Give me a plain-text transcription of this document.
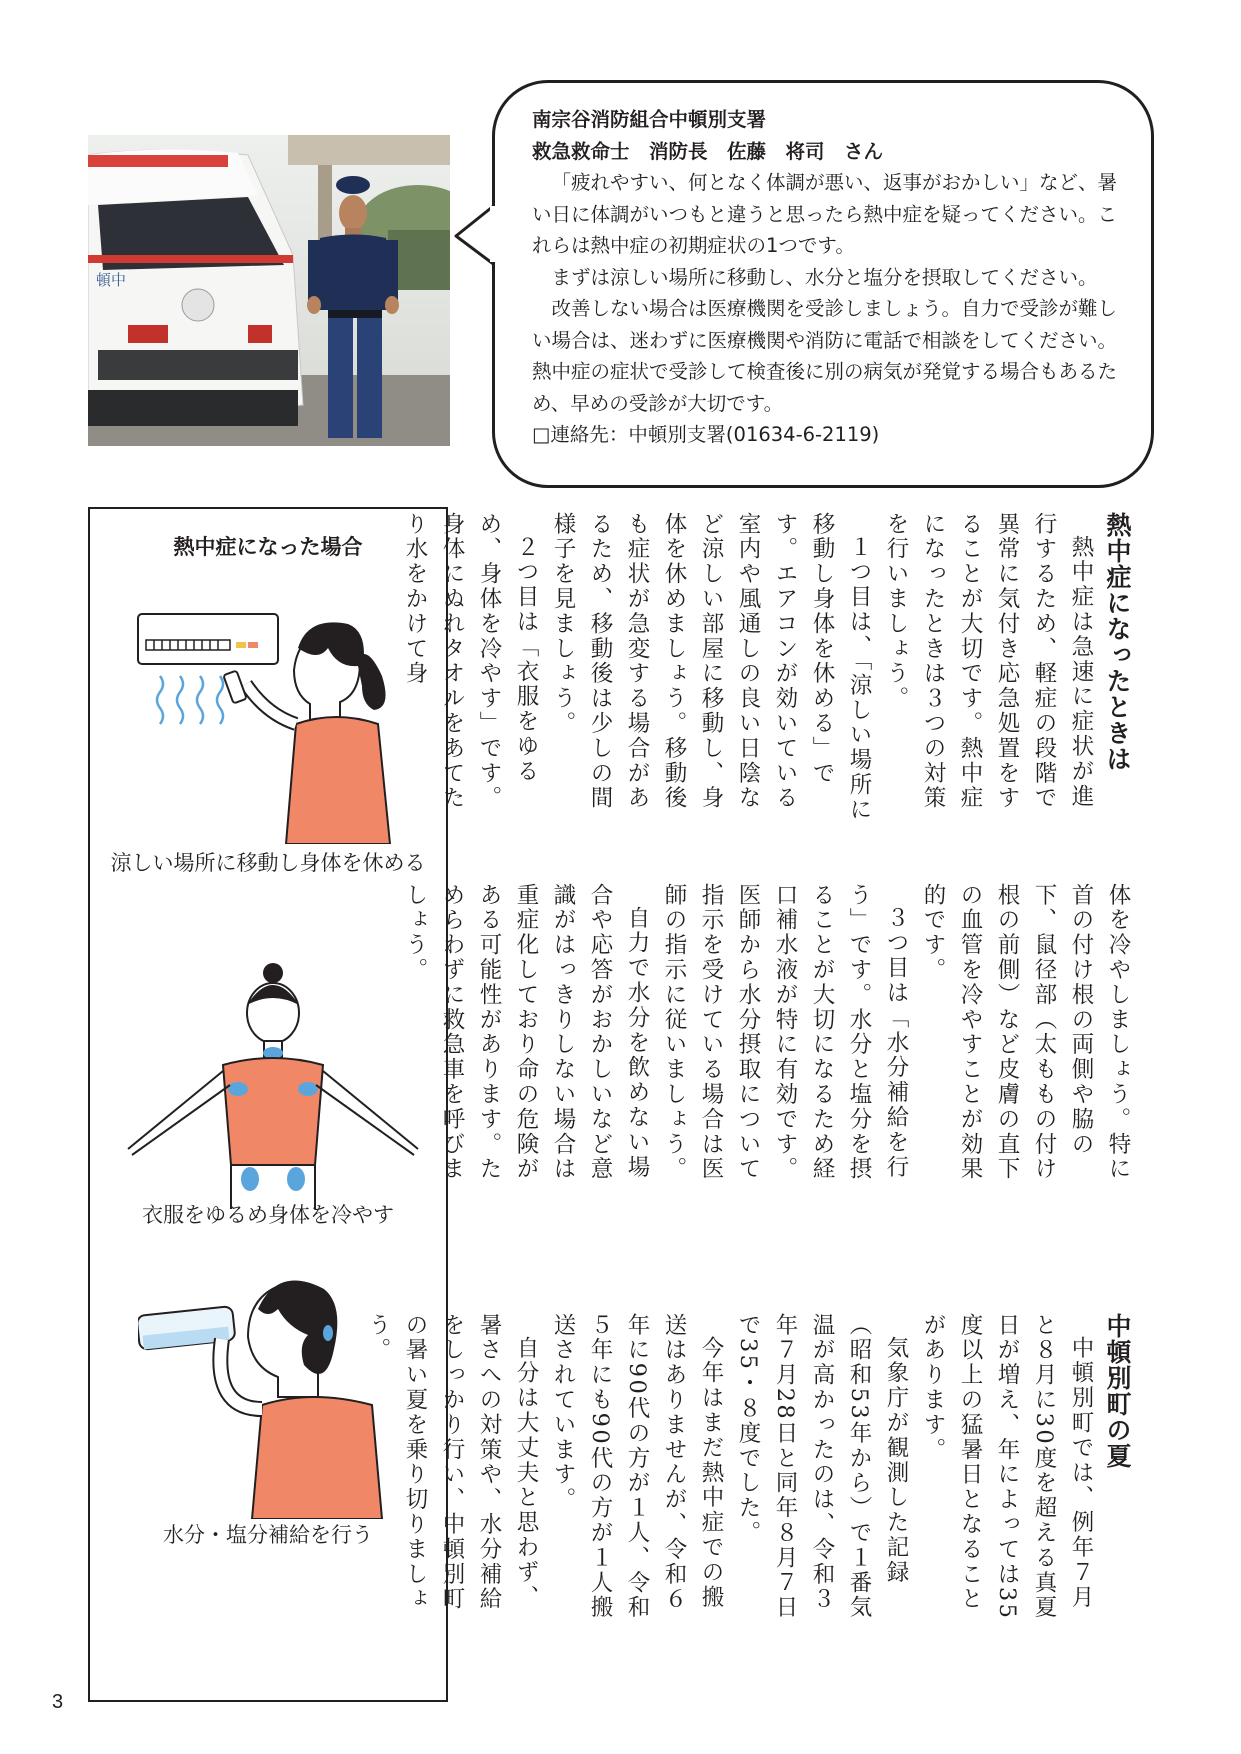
頓中

南宗谷消防組合中頓別支署

救急救命士　消防長　佐藤　将司　さん

「疲れやすい、何となく体調が悪い、返事がおかしい」など、暑い日に体調がいつもと違うと思ったら熱中症を疑ってください。これらは熱中症の初期症状の1つです。

まずは涼しい場所に移動し、水分と塩分を摂取してください。

改善しない場合は医療機関を受診しましょう。自力で受診が難しい場合は、迷わずに医療機関や消防に電話で相談をしてください。熱中症の症状で受診して検査後に別の病気が発覚する場合もあるため、早めの受診が大切です。

□連絡先：中頓別支署(01634-6-2119)

熱中症になった場合
涼しい場所に移動し身体を休める
衣服をゆるめ身体を冷やす
水分・塩分補給を行う
熱中症になったときは

熱中症は急速に症状が進行するため、軽症の段階で異常に気付き応急処置をすることが大切です。熱中症になったときは３つの対策を行いましょう。

１つ目は、「涼しい場所に移動し身体を休める」です。エアコンが効いている室内や風通しの良い日陰など涼しい部屋に移動し、身体を休めましょう。移動後も症状が急変する場合があるため、移動後は少しの間様子を見ましょう。

２つ目は「衣服をゆるめ、身体を冷やす」です。身体にぬれタオルをあてたり水をかけて身

体を冷やしましょう。特に首の付け根の両側や脇の下、鼠径部（太ももの付け根の前側）など皮膚の直下の血管を冷やすことが効果的です。

３つ目は「水分補給を行う」です。水分と塩分を摂ることが大切になるため経口補水液が特に有効です。医師から水分摂取について指示を受けている場合は医師の指示に従いましょう。

自力で水分を飲めない場合や応答がおかしいなど意識がはっきりしない場合は重症化しており命の危険がある可能性があります。ためらわずに救急車を呼びましょう。

中頓別町の夏

中頓別町では、例年７月と８月に30度を超える真夏日が増え、年によっては35度以上の猛暑日となることがあります。

気象庁が観測した記録（昭和53年から）で１番気温が高かったのは、令和３年７月28日と同年８月７日で35・８度でした。

今年はまだ熱中症での搬送はありませんが、令和６年に90代の方が１人、令和５年にも90代の方が１人搬送されています。

自分は大丈夫と思わず、暑さへの対策や、水分補給をしっかり行い、中頓別町の暑い夏を乗り切りましょう。

3
